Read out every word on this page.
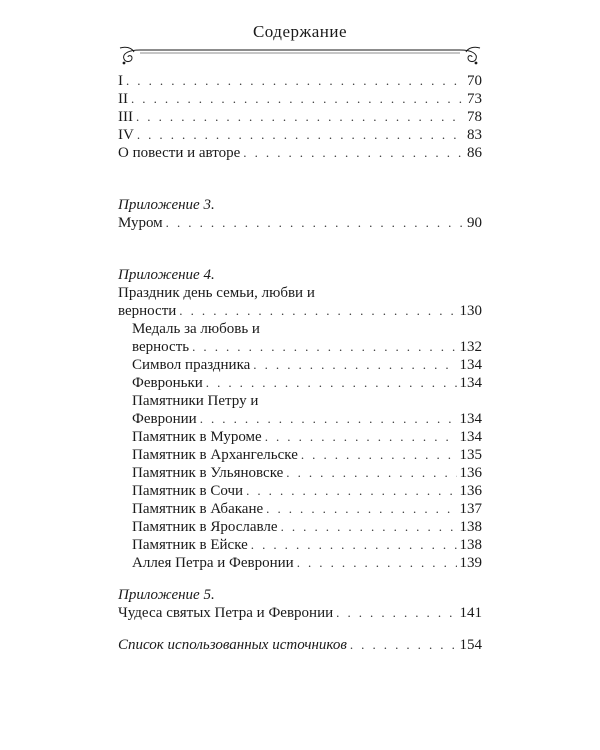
Содержание
I . . .	70
II . . .	73
III . . .	78
IV . . .	83
О повести и авторе . . .	86
Приложение 3.
Муром . . .	90
Приложение 4.
Праздник день семьи, любви и
верности . . .	130
Медаль за любовь и
верность . . .	132
Символ праздника . . .	134
Февроньки . . .	134
Памятники Петру и
Февронии . . .	134
Памятник в Муроме . . .	134
Памятник в Архангельске . . .	135
Памятник в Ульяновске . . .	136
Памятник в Сочи . . .	136
Памятник в Абакане . . .	137
Памятник в Ярославле . . .	138
Памятник в Ейске . . .	138
Аллея Петра и Февронии . . .	139
Приложение 5.
Чудеса святых Петра и Февронии . . .	141
Список использованных источников . . .	154
